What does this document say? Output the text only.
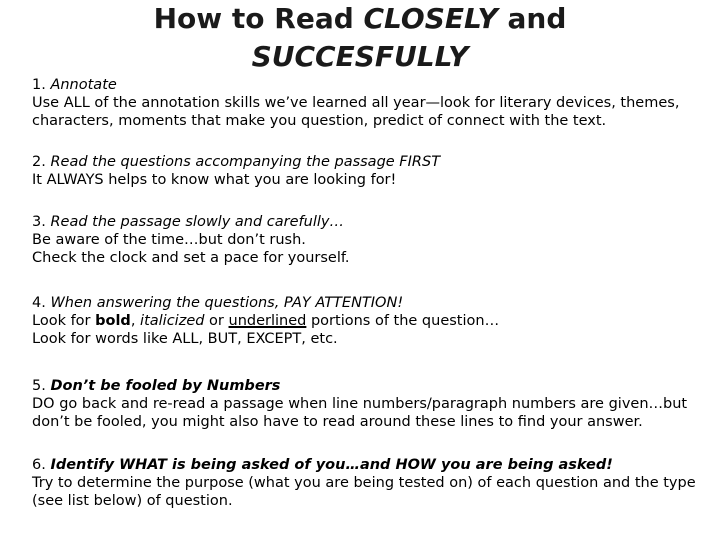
How to Read CLOSELY and
SUCCESFULLY

1. Annotate

Use ALL of the annotation skills we’ve learned all year—look for literary devices, themes, characters, moments that make you question, predict of connect with the text.

2. Read the questions accompanying the passage FIRST

It ALWAYS helps to know what you are looking for!

3. Read the passage slowly and carefully…

Be aware of the time…but don’t rush.

Check the clock and set a pace for yourself.

4. When answering the questions, PAY ATTENTION!

Look for bold, italicized or underlined portions of the question…

Look for words like ALL, BUT, EXCEPT, etc.

5. Don’t be fooled by Numbers

DO go back and re-read a passage when line numbers/paragraph numbers are given…but don’t be fooled, you might also have to read around these lines to find your answer.

6. Identify WHAT is being asked of you…and HOW you are being asked!

Try to determine the purpose (what you are being tested on) of each question and the type (see list below) of question.
